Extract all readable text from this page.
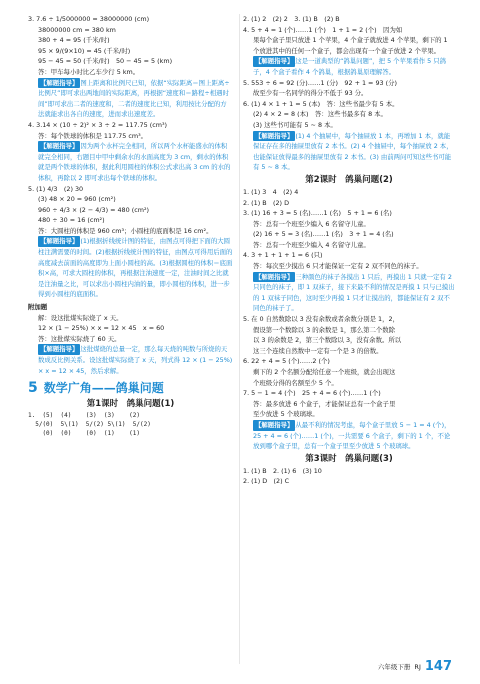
3. 7.6 ÷ 1/5000000 = 38000000 (cm)
38000000 cm = 380 km
380 + 4 = 95 (千米/时)
95 × 9/(9×10) = 45 (千米/时)
95 − 45 = 50 (千米/时)　50 − 45 = 5 (km)
答：甲车每小时比乙车少行 5 km。
【解题指导】 图上距离和比例尺已知，依据“实际距离＝图上距离÷比例尺”即可求出两地间的实际距离，再根据“速度和＝路程÷相遇时间”即可求出二者的速度和，二者的速度比已知，利用按比分配的方法就能求出各自的速度，进而求出速度差。
4. 3.14 × (10 ÷ 2)² × 3 ÷ 2 = 117.75 (cm³)
答：每个铁球的体积是 117.75 cm³。
【解题指导】 因为两个水杯完全相同，所以两个水杯能盛水的体积就完全相同，右题目中甲中剩余水的水面高度为 3 cm，剩水的体积就是两个铁球的体积，据此利用圆柱的体积公式求出高 3 cm 的水的体积，再除以 2 即可求出每个铁球的体积。
5. (1) 4/3　(2) 30
(3) 48 × 20 = 960 (cm²)
960 ÷ 4/3 × (2 − 4/3) = 480 (cm²)
480 ÷ 30 = 16 (cm²)
答：大圆柱的体积是 960 cm³；小圆柱的底面积是 16 cm²。
【解题指导】 (1)根据折线统计图的特征，由图点可得把下面的大圆柱注满需要的时间。(2)根据折线统计图的特征，由图点可得用后面的高度减去前面的高度即为上面小圆柱的高。(3)根据圆柱的体积＝底面积×高，可求大圆柱的体积，再根据注油速度一定，注油时间之比就是注油量之比，可以求出小圆柱内油的量，即小圆柱的体积，进一步得到小圆柱的底面积。
附加题
解：设这批煤实际烧了 x 天。
12 × (1 − 25%) × x = 12 × 45　x = 60
答：这批煤实际烧了 60 天。
【解题指导】 这批煤烧的总量一定，那么每天烧的吨数与所烧的天数成反比例关系。设这批煤实际烧了 x 天，列式得 12 × (1 − 25%) × x = 12 × 45，然后求解。
5 数学广角——鸽巢问题
第1课时　鸽巢问题(1)
1.  (5)  (4)    (3)  (3)    (2)
5/(0)  5\(1)  5/(2) 5\(1)  5/(2)
(0)  (0)    (0)  (1)    (1)
2. (1) 2　(2) 2　3. (1) B　(2) B
4. 5 + 4 = 1 (个)……1 (个)　1 + 1 = 2 (个)　因为如
果每个盒子里只放进 1 个苹果，4 个盒子就放进 4 个苹果，剩下的 1 个放进其中的任何一个盒子，都会出现有一个盒子放进 2 个苹果。
【解题指导】 这是一道典型的“鸽巢问题”，把 5 个苹果看作 5 只鸽子，4 个盒子看作 4 个鸽巢，根据鸽巢原理解答。
5. 553 ÷ 6 = 92 (分)……1 (分)　92 + 1 = 93 (分)
故至少有一名同学的得分不低于 93 分。
6. (1) 4 × 1 + 1 = 5 (本)　答：这些书最少有 5 本。
(2) 4 × 2 = 8 (本)　答：这些书最多有 8 本。
(3) 这些书可能有 5 ~ 8 本。
【解题指导】 (1) 4 个抽屉中，每个抽屉放 1 本，再增加 1 本，就能保证存在多的抽屉里放有 2 本书。(2) 4 个抽屉中，每个抽屉放 2 本，也能保证放得最多的抽屉里放有 2 本书。(3) 由前两问可知这些书可能有 5 ~ 8 本。
第2课时　鸽巢问题(2)
1. (1) 3　4　(2) 4
2. (1) B　(2) D
3. (1) 16 + 3 = 5 (名)……1 (名)　5 + 1 = 6 (名)
答：总有一个班至少编入 6 名留守儿童。
(2) 16 + 5 = 3 (名)……1 (名)　3 + 1 = 4 (名)
答：总有一个班至少编入 4 名留守儿童。
4. 3 + 1 + 1 + 1 = 6 (只)
答：每次至少摸出 6 只才能保证一定有 2 双不同色的袜子。
【解题指导】 三种颜色的袜子各摸出 1 只后，再摸出 1 只就一定有 2 只同色的袜子，即 1 双袜子，接下来最不利的情况是再摸 1 只与已摸出的 1 双袜子同色，这时至少再摸 1 只才让摸出的，都能保证有 2 双不同色的袜子了。
5. 在 0 自然数除以 3 没有余数或者余数分别是 1，2，
假设第一个数除以 3 的余数是 1，那么第二个数除
以 3 的余数是 2，第三个数除以 3，没有余数。所以
这三个连续自然数中一定有一个是 3 的倍数。
6. 22 + 4 = 5 (个)……2 (个)
剩下的 2 个名额分配给任意一个班级，就会出现这
个班级分得的名额至少 5 个。
7. 5 − 1 = 4 (个)　25 + 4 = 6 (个)……1 (个)
答：最多放进 6 个盒子，才能保证总有一个盒子里
至少放进 5 个玻璃球。
【解题指导】 从最不利的情况考虑，每个盒子里放 5 − 1 = 4 (个)，25 + 4 = 6 (个)……1 (个)，一共需要 6 个盒子，剩下的 1 个，不论放到哪个盒子里，总有一个盒子里至少放进 5 个玻璃球。
第3课时　鸽巢问题(3)
1. (1) B　2. (1) 6　(3) 10
2. (1) D　(2) C
六年级下册 RJ 147
